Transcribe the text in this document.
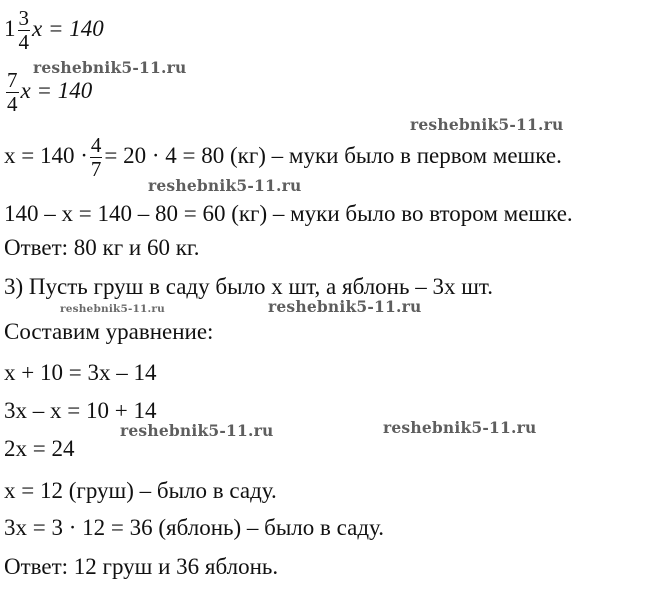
$1 \frac{3}{4}$ x = 140
$\frac{7}{4}$ x = 140
$x = 140 \cdot \frac{4}{7} = 20 \cdot 4 = 80$ (кг) – муки было в первом мешке.
140 – x = 140 – 80 = 60 (кг) – муки было во втором мешке.
Ответ: 80 кг и 60 кг.
3) Пусть груш в саду было x шт, а яблонь – 3x шт.
Составим уравнение:
x + 10 = 3x – 14
3x – x = 10 + 14
2x = 24
x = 12 (груш) – было в саду.
3x = 3 · 12 = 36 (яблонь) – было в саду.
Ответ: 12 груш и 36 яблонь.
reshebnik5-11.ru
reshebnik5-11.ru
reshebnik5-11.ru
reshebnik5-11.ru	reshebnik5-11.ru
reshebnik5-11.ru	reshebnik5-11.ru
